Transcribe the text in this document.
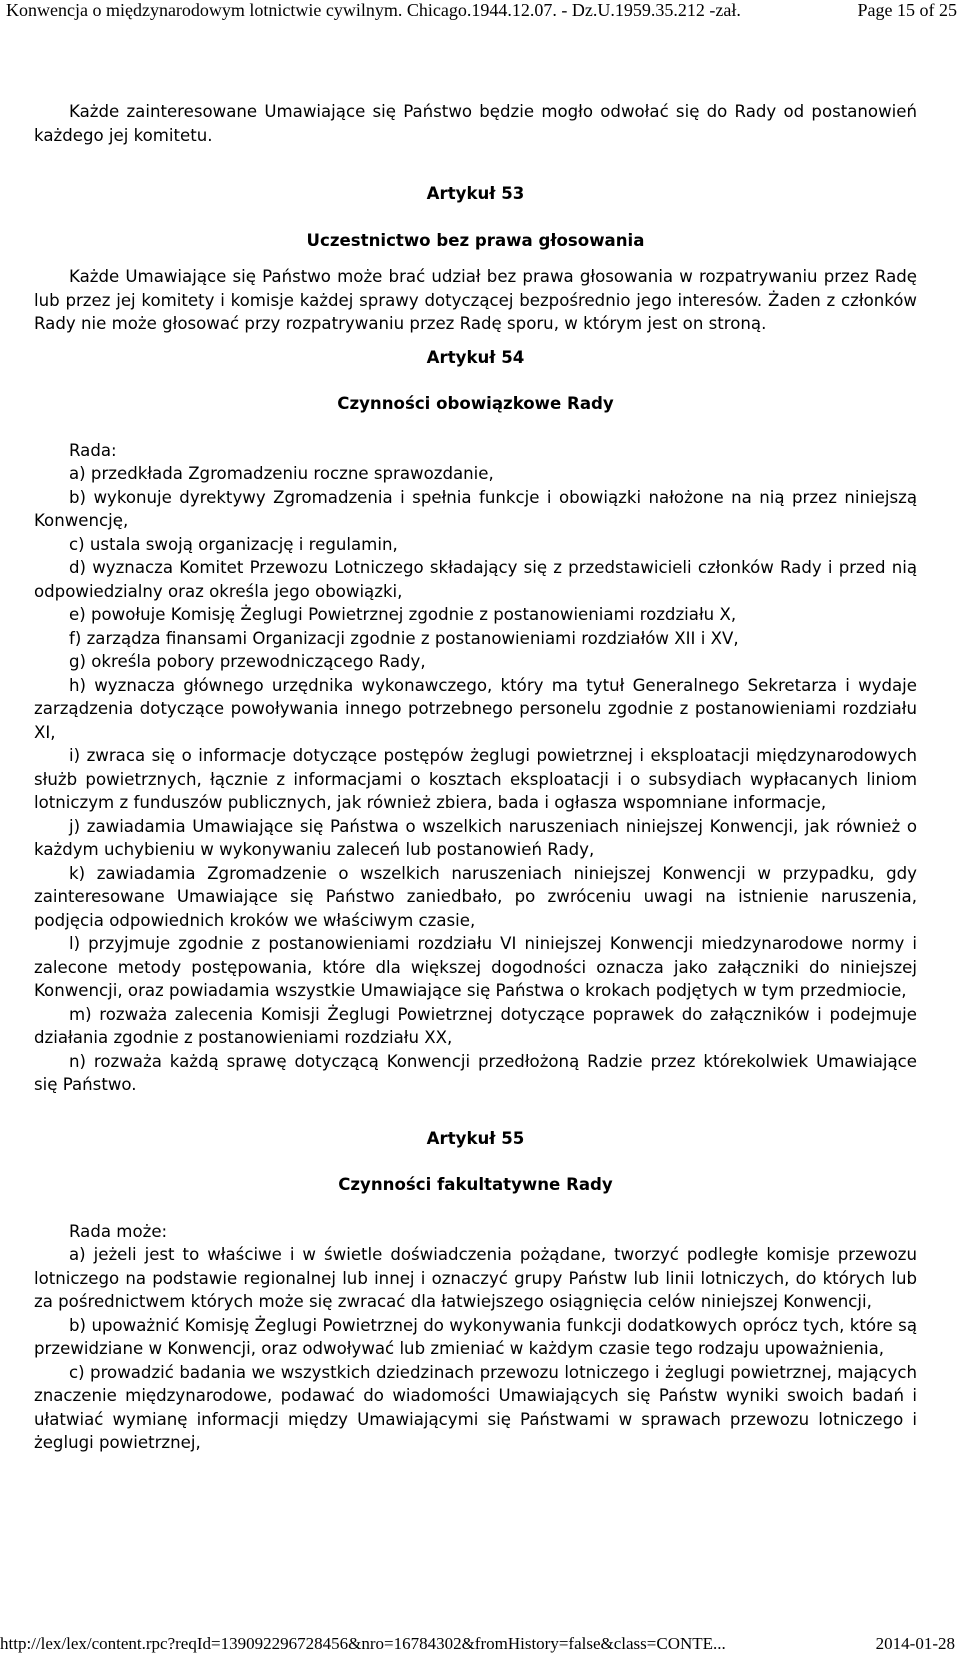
Konwencja o międzynarodowym lotnictwie cywilnym. Chicago.1944.12.07. - Dz.U.1959.35.212 -zał.	Page 15 of 25

Każde zainteresowane Umawiające się Państwo będzie mogło odwołać się do Rady od postanowień każdego jej komitetu.

Artykuł 53

Uczestnictwo bez prawa głosowania

Każde Umawiające się Państwo może brać udział bez prawa głosowania w rozpatrywaniu przez Radę lub przez jej komitety i komisje każdej sprawy dotyczącej bezpośrednio jego interesów. Żaden z członków Rady nie może głosować przy rozpatrywaniu przez Radę sporu, w którym jest on stroną.

Artykuł 54

Czynności obowiązkowe Rady

Rada:

a) przedkłada Zgromadzeniu roczne sprawozdanie,

b) wykonuje dyrektywy Zgromadzenia i spełnia funkcje i obowiązki nałożone na nią przez niniejszą Konwencję,

c) ustala swoją organizację i regulamin,

d) wyznacza Komitet Przewozu Lotniczego składający się z przedstawicieli członków Rady i przed nią odpowiedzialny oraz określa jego obowiązki,

e) powołuje Komisję Żeglugi Powietrznej zgodnie z postanowieniami rozdziału X,

f) zarządza finansami Organizacji zgodnie z postanowieniami rozdziałów XII i XV,

g) określa pobory przewodniczącego Rady,

h) wyznacza głównego urzędnika wykonawczego, który ma tytuł Generalnego Sekretarza i wydaje zarządzenia dotyczące powoływania innego potrzebnego personelu zgodnie z postanowieniami rozdziału XI,

i) zwraca się o informacje dotyczące postępów żeglugi powietrznej i eksploatacji międzynarodowych służb powietrznych, łącznie z informacjami o kosztach eksploatacji i o subsydiach wypłacanych liniom lotniczym z funduszów publicznych, jak również zbiera, bada i ogłasza wspomniane informacje,

j) zawiadamia Umawiające się Państwa o wszelkich naruszeniach niniejszej Konwencji, jak również o każdym uchybieniu w wykonywaniu zaleceń lub postanowień Rady,

k) zawiadamia Zgromadzenie o wszelkich naruszeniach niniejszej Konwencji w przypadku, gdy zainteresowane Umawiające się Państwo zaniedbało, po zwróceniu uwagi na istnienie naruszenia, podjęcia odpowiednich kroków we właściwym czasie,

l) przyjmuje zgodnie z postanowieniami rozdziału VI niniejszej Konwencji miedzynarodowe normy i zalecone metody postępowania, które dla większej dogodności oznacza jako załączniki do niniejszej Konwencji, oraz powiadamia wszystkie Umawiające się Państwa o krokach podjętych w tym przedmiocie,

m) rozważa zalecenia Komisji Żeglugi Powietrznej dotyczące poprawek do załączników i podejmuje działania zgodnie z postanowieniami rozdziału XX,

n) rozważa każdą sprawę dotyczącą Konwencji przedłożoną Radzie przez którekolwiek Umawiające się Państwo.

Artykuł 55

Czynności fakultatywne Rady

Rada może:

a) jeżeli jest to właściwe i w świetle doświadczenia pożądane, tworzyć podległe komisje przewozu lotniczego na podstawie regionalnej lub innej i oznaczyć grupy Państw lub linii lotniczych, do których lub za pośrednictwem których może się zwracać dla łatwiejszego osiągnięcia celów niniejszej Konwencji,

b) upoważnić Komisję Żeglugi Powietrznej do wykonywania funkcji dodatkowych oprócz tych, które są przewidziane w Konwencji, oraz odwoływać lub zmieniać w każdym czasie tego rodzaju upoważnienia,

c) prowadzić badania we wszystkich dziedzinach przewozu lotniczego i żeglugi powietrznej, mających znaczenie międzynarodowe, podawać do wiadomości Umawiających się Państw wyniki swoich badań i ułatwiać wymianę informacji między Umawiającymi się Państwami w sprawach przewozu lotniczego i żeglugi powietrznej,

http://lex/lex/content.rpc?reqId=139092296728456&nro=16784302&fromHistory=false&class=CONTE...	2014-01-28
